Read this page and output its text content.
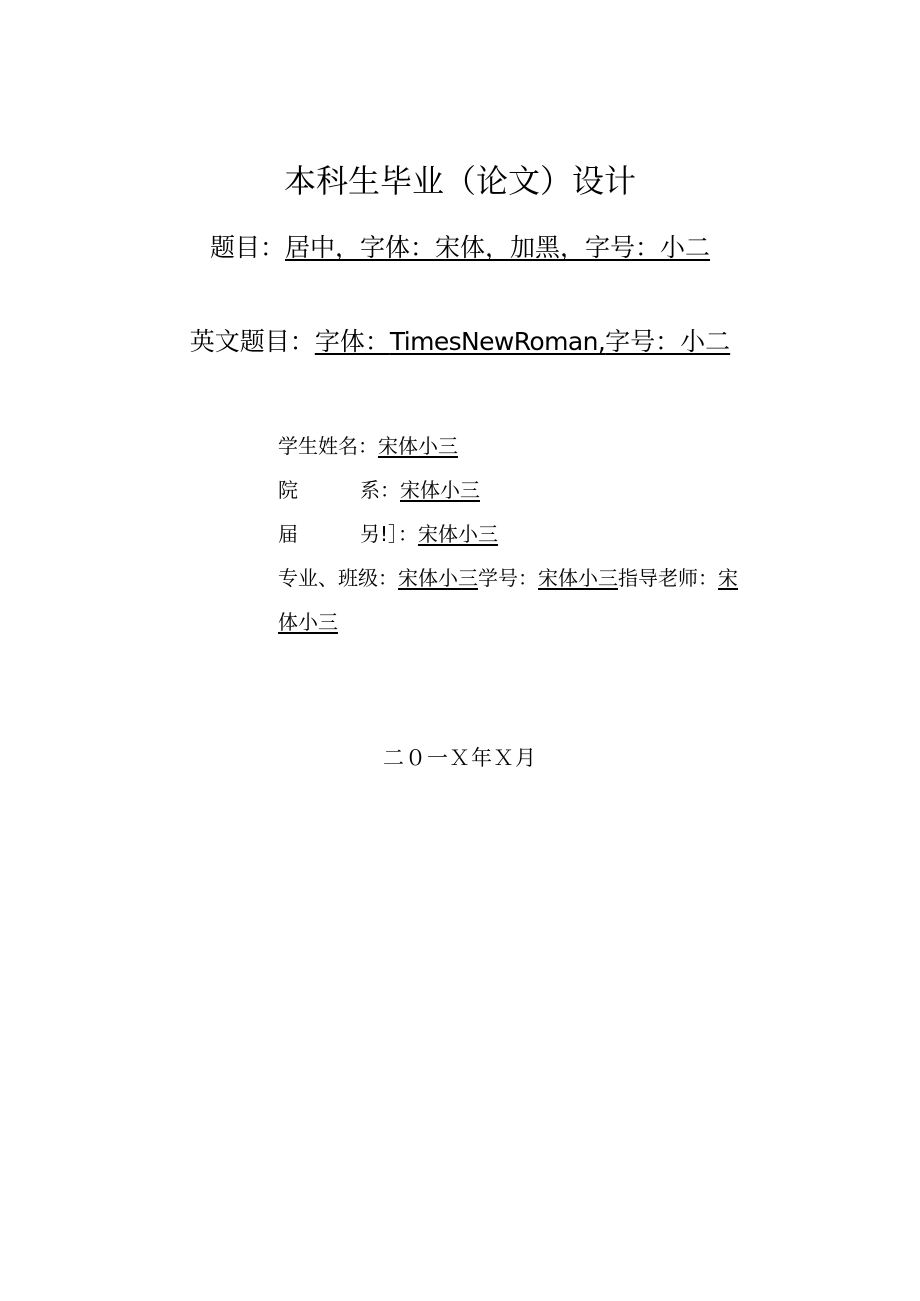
本科生毕业（论文）设计
题目：居中，字体：宋体，加黑，字号：小二
英文题目：字体：TimesNewRoman,字号：小二
学生姓名：宋体小三
院	系：宋体小三
届	另!］：宋体小三
专业、班级：宋体小三学号：宋体小三指导老师：宋
体小三
二０一Ｘ年Ｘ月
